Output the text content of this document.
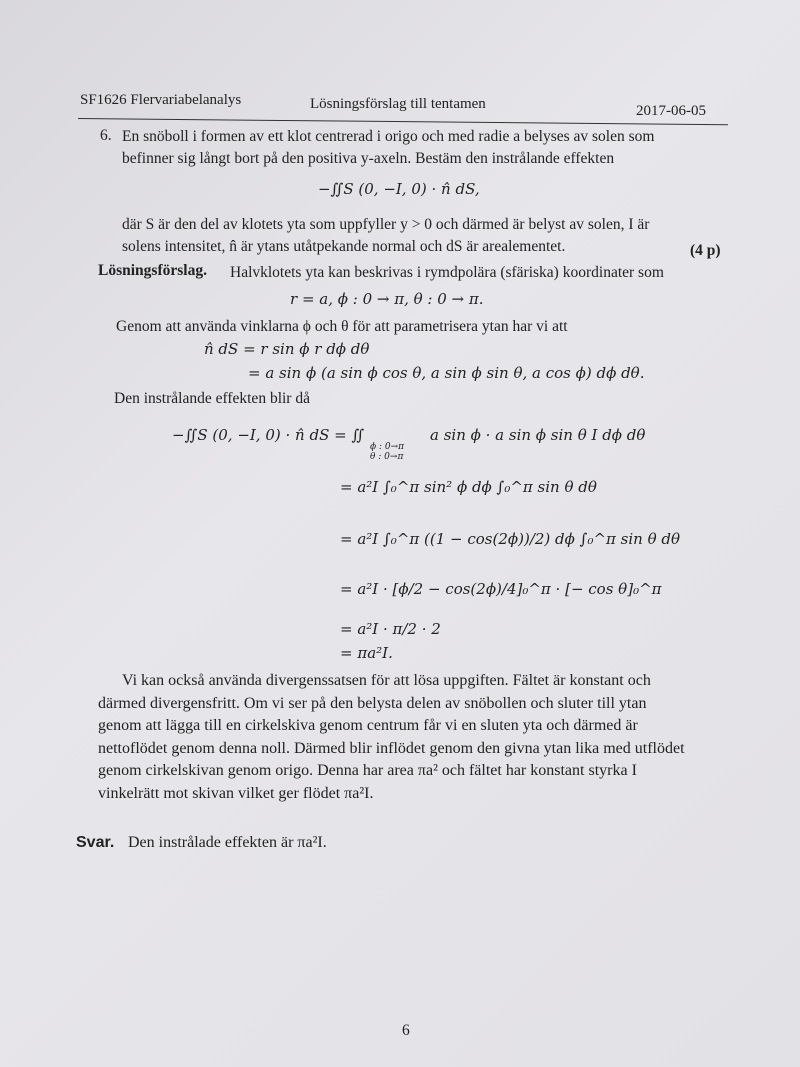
SF1626 Flervariabelanalys	Lösningsförslag till tentamen	2017-06-05
6. En snöboll i formen av ett klot centrerad i origo och med radie a belyses av solen som
befinner sig långt bort på den positiva y-axeln. Bestäm den instrålande effekten
−∬S (0, −I, 0) · n̂ dS,
där S är den del av klotets yta som uppfyller y > 0 och därmed är belyst av solen, I är
solens intensitet, n̂ är ytans utåtpekande normal och dS är arealementet.	(4 p)
Lösningsförslag. Halvklotets yta kan beskrivas i rymdpolära (sfäriska) koordinater som
r = a, ϕ : 0 → π, θ : 0 → π.
Genom att använda vinklarna ϕ och θ för att parametrisera ytan har vi att
n̂ dS = r sin ϕ r dϕ dθ
= a sin ϕ (a sin ϕ cos θ, a sin ϕ sin θ, a cos ϕ) dϕ dθ.
Den instrålande effekten blir då
−∬S (0, −I, 0) · n̂ dS = ∬	a sin ϕ · a sin ϕ sin θ I dϕ dθ
ϕ : 0→π
θ : 0→π
= a²I ∫₀^π sin² ϕ dϕ ∫₀^π sin θ dθ
= a²I ∫₀^π ((1 − cos(2ϕ))/2) dϕ ∫₀^π sin θ dθ
= a²I · [ϕ/2 − cos(2ϕ)/4]₀^π · [− cos θ]₀^π
= a²I · π/2 · 2
= πa²I.
Vi kan också använda divergenssatsen för att lösa uppgiften. Fältet är konstant och
därmed divergensfritt. Om vi ser på den belysta delen av snöbollen och sluter till ytan
genom att lägga till en cirkelskiva genom centrum får vi en sluten yta och därmed är
nettoflödet genom denna noll. Därmed blir inflödet genom den givna ytan lika med utflödet
genom cirkelskivan genom origo. Denna har area πa² och fältet har konstant styrka I
vinkelrätt mot skivan vilket ger flödet πa²I.
Svar. Den instrålade effekten är πa²I.
6
